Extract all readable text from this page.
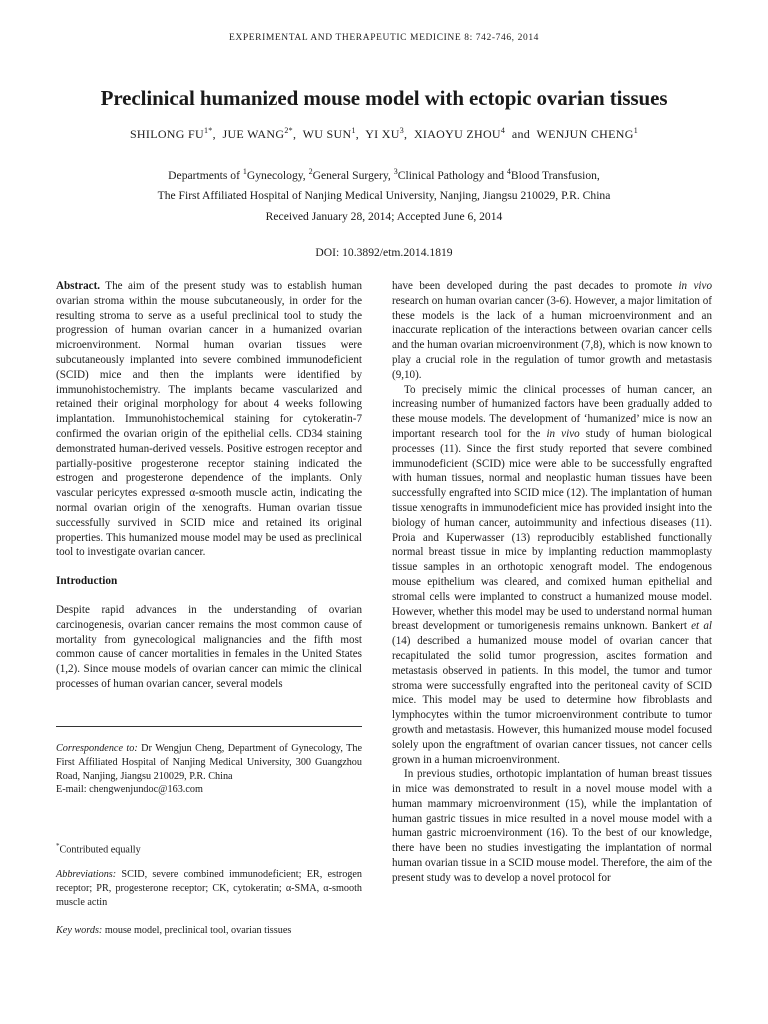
EXPERIMENTAL AND THERAPEUTIC MEDICINE 8: 742-746, 2014
Preclinical humanized mouse model with ectopic ovarian tissues
SHILONG $FU^{1*}$,  JUE $WANG^{2*}$,  WU SUN$^1$,  YI $XU^3$,  XIAOYU ZHOU$^4$ and WENJUN CHENG$^1$
Departments of $^1$Gynecology, $^2$General Surgery, $^3$Clinical Pathology and $^4$Blood Transfusion,
The First Affiliated Hospital of Nanjing Medical University, Nanjing, Jiangsu 210029, P.R. China
Received January 28, 2014; Accepted June 6, 2014
DOI: 10.3892/etm.2014.1819

Abstract. The aim of the present study was to establish human ovarian stroma within the mouse subcutaneously, in order for the resulting stroma to serve as a useful preclinical tool to study the progression of human ovarian cancer in a humanized ovarian microenvironment. Normal human ovarian tissues were subcutaneously implanted into severe combined immunodeficient (SCID) mice and then the implants were identified by immunohistochemistry. The implants became vascularized and retained their original morphology for about 4 weeks following implantation. Immunohistochemical staining for cytokeratin-7 confirmed the ovarian origin of the epithelial cells. CD34 staining demonstrated human-derived vessels. Positive estrogen receptor and partially-positive progesterone receptor staining indicated the estrogen and progesterone dependence of the implants. Only vascular pericytes expressed α-smooth muscle actin, indicating the normal ovarian origin of the xenografts. Human ovarian tissue successfully survived in SCID mice and retained its original properties. This humanized mouse model may be used as preclinical tool to investigate ovarian cancer.

Introduction

Despite rapid advances in the understanding of ovarian carcinogenesis, ovarian cancer remains the most common cause of mortality from gynecological malignancies and the fifth most common cause of cancer mortalities in females in the United States (1,2). Since mouse models of ovarian cancer can mimic the clinical processes of human ovarian cancer, several models

Correspondence to: Dr Wengjun Cheng, Department of Gynecology, The First Affiliated Hospital of Nanjing Medical University, 300 Guangzhou Road, Nanjing, Jiangsu 210029, P.R. China

E-mail: chengwenjundoc@163.com

*Contributed equally

Abbreviations: SCID, severe combined immunodeficient; ER, estrogen receptor; PR, progesterone receptor; CK, cytokeratin; α-SMA, α-smooth muscle actin

Key words: mouse model, preclinical tool, ovarian tissues

have been developed during the past decades to promote in vivo research on human ovarian cancer (3-6). However, a major limitation of these models is the lack of a human microenvironment and an inaccurate replication of the interactions between ovarian cancer cells and the human ovarian microenvironment (7,8), which is now known to play a crucial role in the regulation of tumor growth and metastasis (9,10).

To precisely mimic the clinical processes of human cancer, an increasing number of humanized factors have been gradually added to these mouse models. The development of ‘humanized’ mice is now an important research tool for the in vivo study of human biological processes (11). Since the first study reported that severe combined immunodeficient (SCID) mice were able to be successfully engrafted with human tissues, normal and neoplastic human tissues have been successfully engrafted into SCID mice (12). The implantation of human tissue xenografts in immunodeficient mice has provided insight into the biology of human cancer, autoimmunity and infectious diseases (11). Proia and Kuperwasser (13) reproducibly established functionally normal breast tissue in mice by implanting reduction mammoplasty tissue samples in an orthotopic xenograft model. The endogenous mouse epithelium was cleared, and comixed human epithelial and stromal cells were implanted to construct a humanized mouse model. However, whether this model may be used to understand normal human breast development or tumorigenesis remains unknown. Bankert et al (14) described a humanized mouse model of ovarian cancer that recapitulated the solid tumor progression, ascites formation and metastasis observed in patients. In this model, the tumor and tumor stroma were successfully engrafted into the peritoneal cavity of SCID mice. This model may be used to determine how fibroblasts and lymphocytes within the tumor microenvironment contribute to tumor growth and metastasis. However, this humanized mouse model focused solely upon the engraftment of ovarian cancer tissues, not cancer cells grown in a human microenvironment.

In previous studies, orthotopic implantation of human breast tissues in mice was demonstrated to result in a novel mouse model with a human mammary microenvironment (15), while the implantation of human gastric tissues in mice resulted in a novel mouse model with a human gastric microenvironment (16). To the best of our knowledge, there have been no studies investigating the implantation of normal human ovarian tissue in a SCID mouse model. Therefore, the aim of the present study was to develop a novel protocol for
